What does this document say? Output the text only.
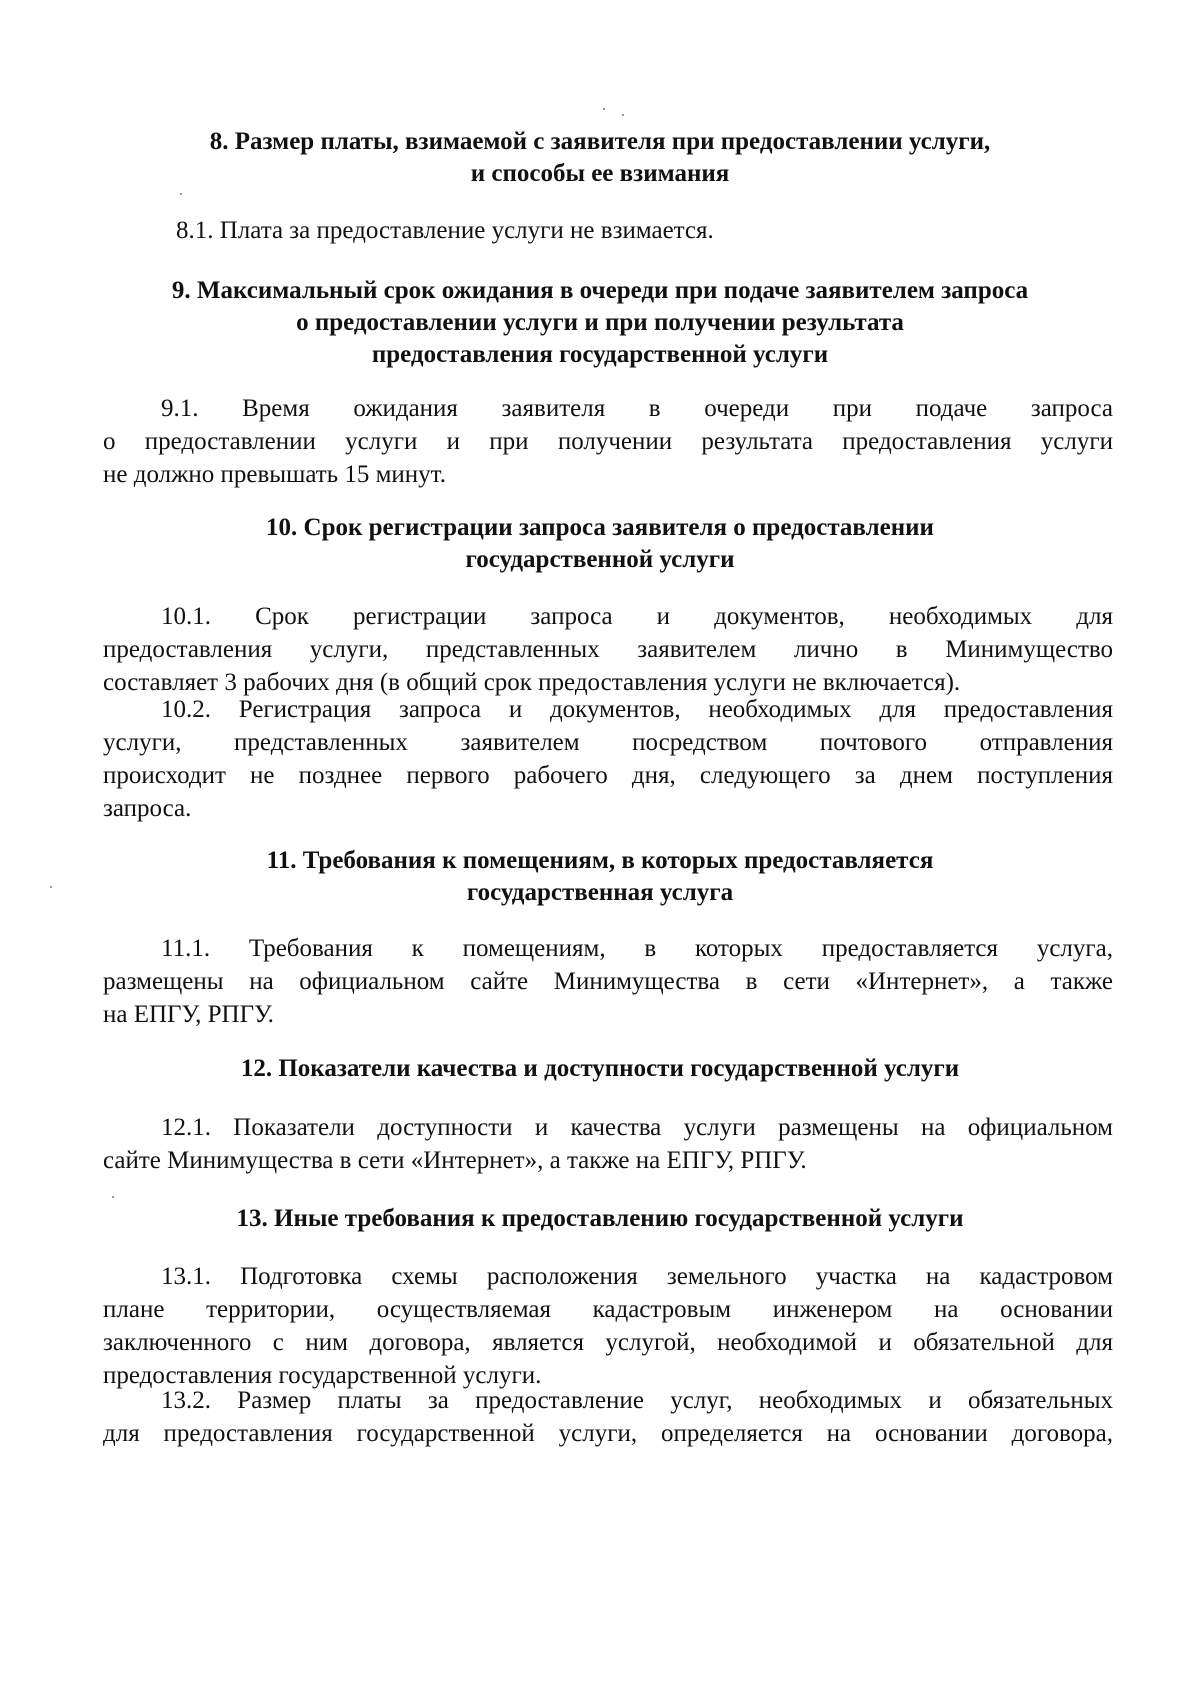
8. Размер платы, взимаемой с заявителя при предоставлении услуги,
и способы ее взимания

8.1. Плата за предоставление услуги не взимается.

9. Максимальный срок ожидания в очереди при подаче заявителем запроса
о предоставлении услуги и при получении результата
предоставления государственной услуги

9.1. Время ожидания заявителя в очереди при подаче запроса
о предоставлении услуги и при получении результата предоставления услуги
не должно превышать 15 минут.

10. Срок регистрации запроса заявителя о предоставлении
государственной услуги

10.1. Срок регистрации запроса и документов, необходимых для
предоставления услуги, представленных заявителем лично в Минимущество
составляет 3 рабочих дня (в общий срок предоставления услуги не включается).

10.2. Регистрация запроса и документов, необходимых для предоставления
услуги, представленных заявителем посредством почтового отправления
происходит не позднее первого рабочего дня, следующего за днем поступления
запроса.

11. Требования к помещениям, в которых предоставляется
государственная услуга

11.1. Требования к помещениям, в которых предоставляется услуга,
размещены на официальном сайте Минимущества в сети «Интернет», а также
на ЕПГУ, РПГУ.

12. Показатели качества и доступности государственной услуги

12.1. Показатели доступности и качества услуги размещены на официальном
сайте Минимущества в сети «Интернет», а также на ЕПГУ, РПГУ.

13. Иные требования к предоставлению государственной услуги

13.1. Подготовка схемы расположения земельного участка на кадастровом
плане территории, осуществляемая кадастровым инженером на основании
заключенного с ним договора, является услугой, необходимой и обязательной для
предоставления государственной услуги.

13.2. Размер платы за предоставление услуг, необходимых и обязательных
для предоставления государственной услуги, определяется на основании договора,
